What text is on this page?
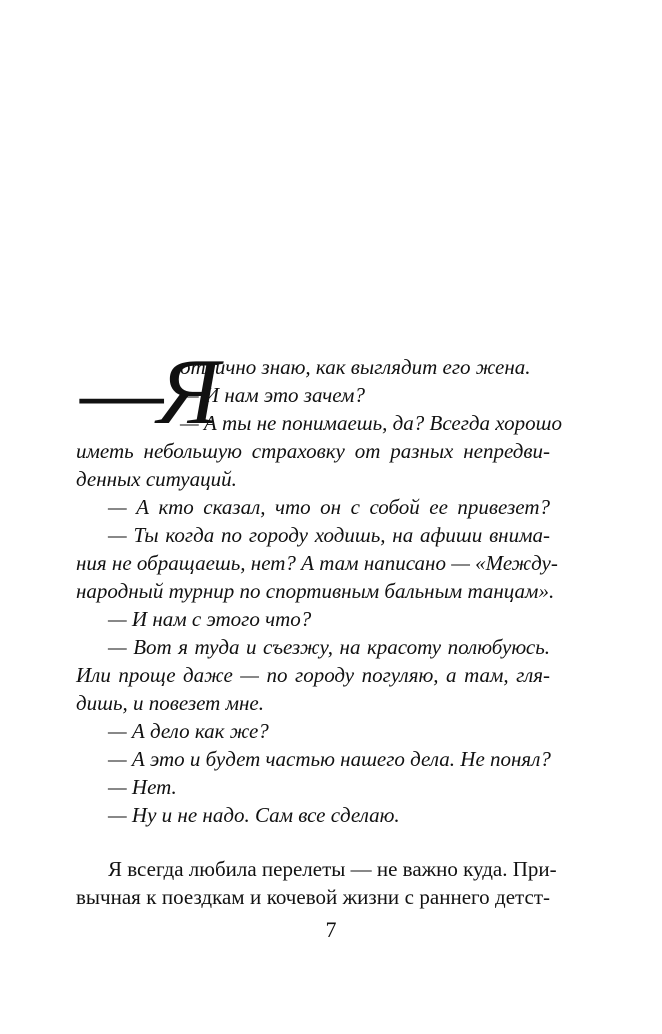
—Я
отлично знаю, как выглядит его жена.
— И нам это зачем?
— А ты не понимаешь, да? Всегда хорошо
иметь небольшую страховку от разных непредви-
денных ситуаций.
— А кто сказал, что он с собой ее привезет?
— Ты когда по городу ходишь, на афиши внима-
ния не обращаешь, нет? А там написано — «Между-
народный турнир по спортивным бальным танцам».
— И нам с этого что?
— Вот я туда и съезжу, на красоту полюбуюсь.
Или проще даже — по городу погуляю, а там, гля-
дишь, и повезет мне.
— А дело как же?
— А это и будет частью нашего дела. Не понял?
— Нет.
— Ну и не надо. Сам все сделаю.
Я всегда любила перелеты — не важно куда. При-
вычная к поездкам и кочевой жизни с раннего детст-
7
